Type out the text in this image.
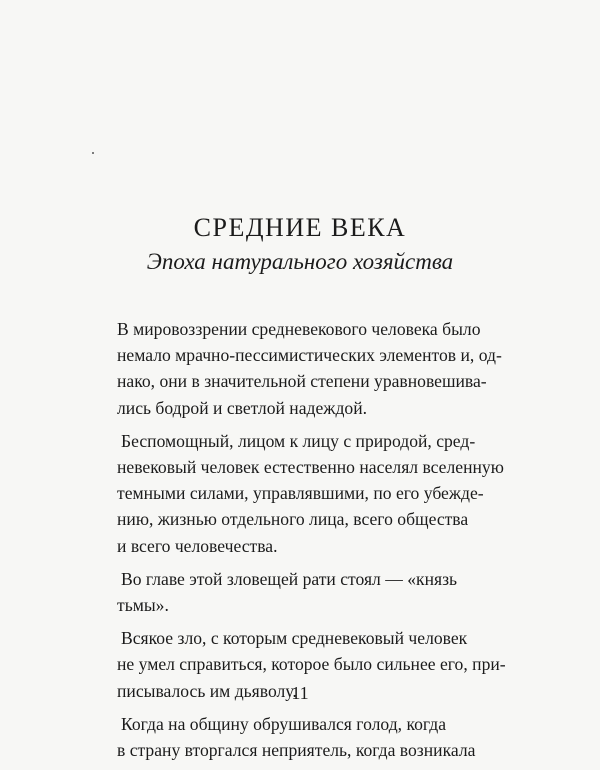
СРЕДНИЕ ВЕКА
Эпоха натурального хозяйства

В мировоззрении средневекового человека было
немало мрачно-пессимистических элементов и, од-
нако, они в значительной степени уравновешива-
лись бодрой и светлой надеждой.

Беспомощный, лицом к лицу с природой, сред-
невековый человек естественно населял вселенную
темными силами, управлявшими, по его убежде-
нию, жизнью отдельного лица, всего общества
и всего человечества.

Во главе этой зловещей рати стоял — «князь
тьмы».

Всякое зло, с которым средневековый человек
не умел справиться, которое было сильнее его, при-
писывалось им дьяволу.

Когда на общину обрушивался голод, когда
в страну вторгался неприятель, когда возникала

11
